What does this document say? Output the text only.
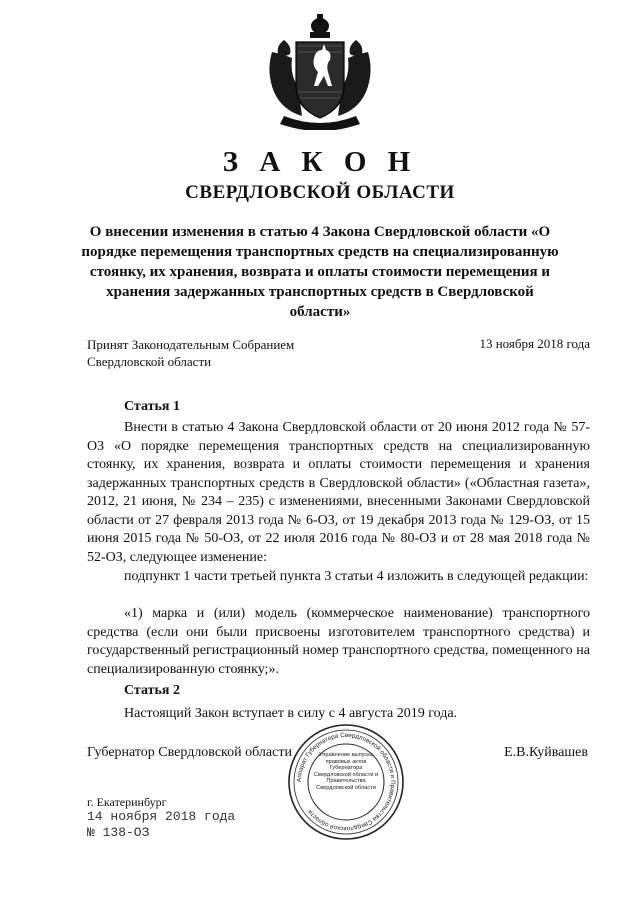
З А К О Н
СВЕРДЛОВСКОЙ ОБЛАСТИ
О внесении изменения в статью 4 Закона Свердловской области «О порядке перемещения транспортных средств на специализированную стоянку, их хранения, возврата и оплаты стоимости перемещения и хранения задержанных транспортных средств в Свердловской области»
Принят Законодательным Собранием
Свердловской области
13 ноября 2018 года
Статья 1

Внести в статью 4 Закона Свердловской области от 20 июня 2012 года № 57-ОЗ «О порядке перемещения транспортных средств на специализированную стоянку, их хранения, возврата и оплаты стоимости перемещения и хранения задержанных транспортных средств в Свердловской области» («Областная газета», 2012, 21 июня, № 234 – 235) с изменениями, внесенными Законами Свердловской области от 27 февраля 2013 года № 6-ОЗ, от 19 декабря 2013 года № 129-ОЗ, от 15 июня 2015 года № 50-ОЗ, от 22 июля 2016 года № 80-ОЗ и от 28 мая 2018 года № 52-ОЗ, следующее изменение:

подпункт 1 части третьей пункта 3 статьи 4 изложить в следующей редакции:

«1) марка и (или) модель (коммерческое наименование) транспортного средства (если они были присвоены изготовителем транспортного средства) и государственный регистрационный номер транспортного средства, помещенного на специализированную стоянку;».

Статья 2

Настоящий Закон вступает в силу с 4 августа 2019 года.

Губернатор Свердловской области	Е.В.Куйвашев
г. Екатеринбург
14 ноября 2018 года
№ 138-ОЗ
Аппарат Губернатора Свердловской области и Правительства Свердловской области
Управление выпуска правовых актов Губернатора Свердловской области и Правительства Свердловской области
